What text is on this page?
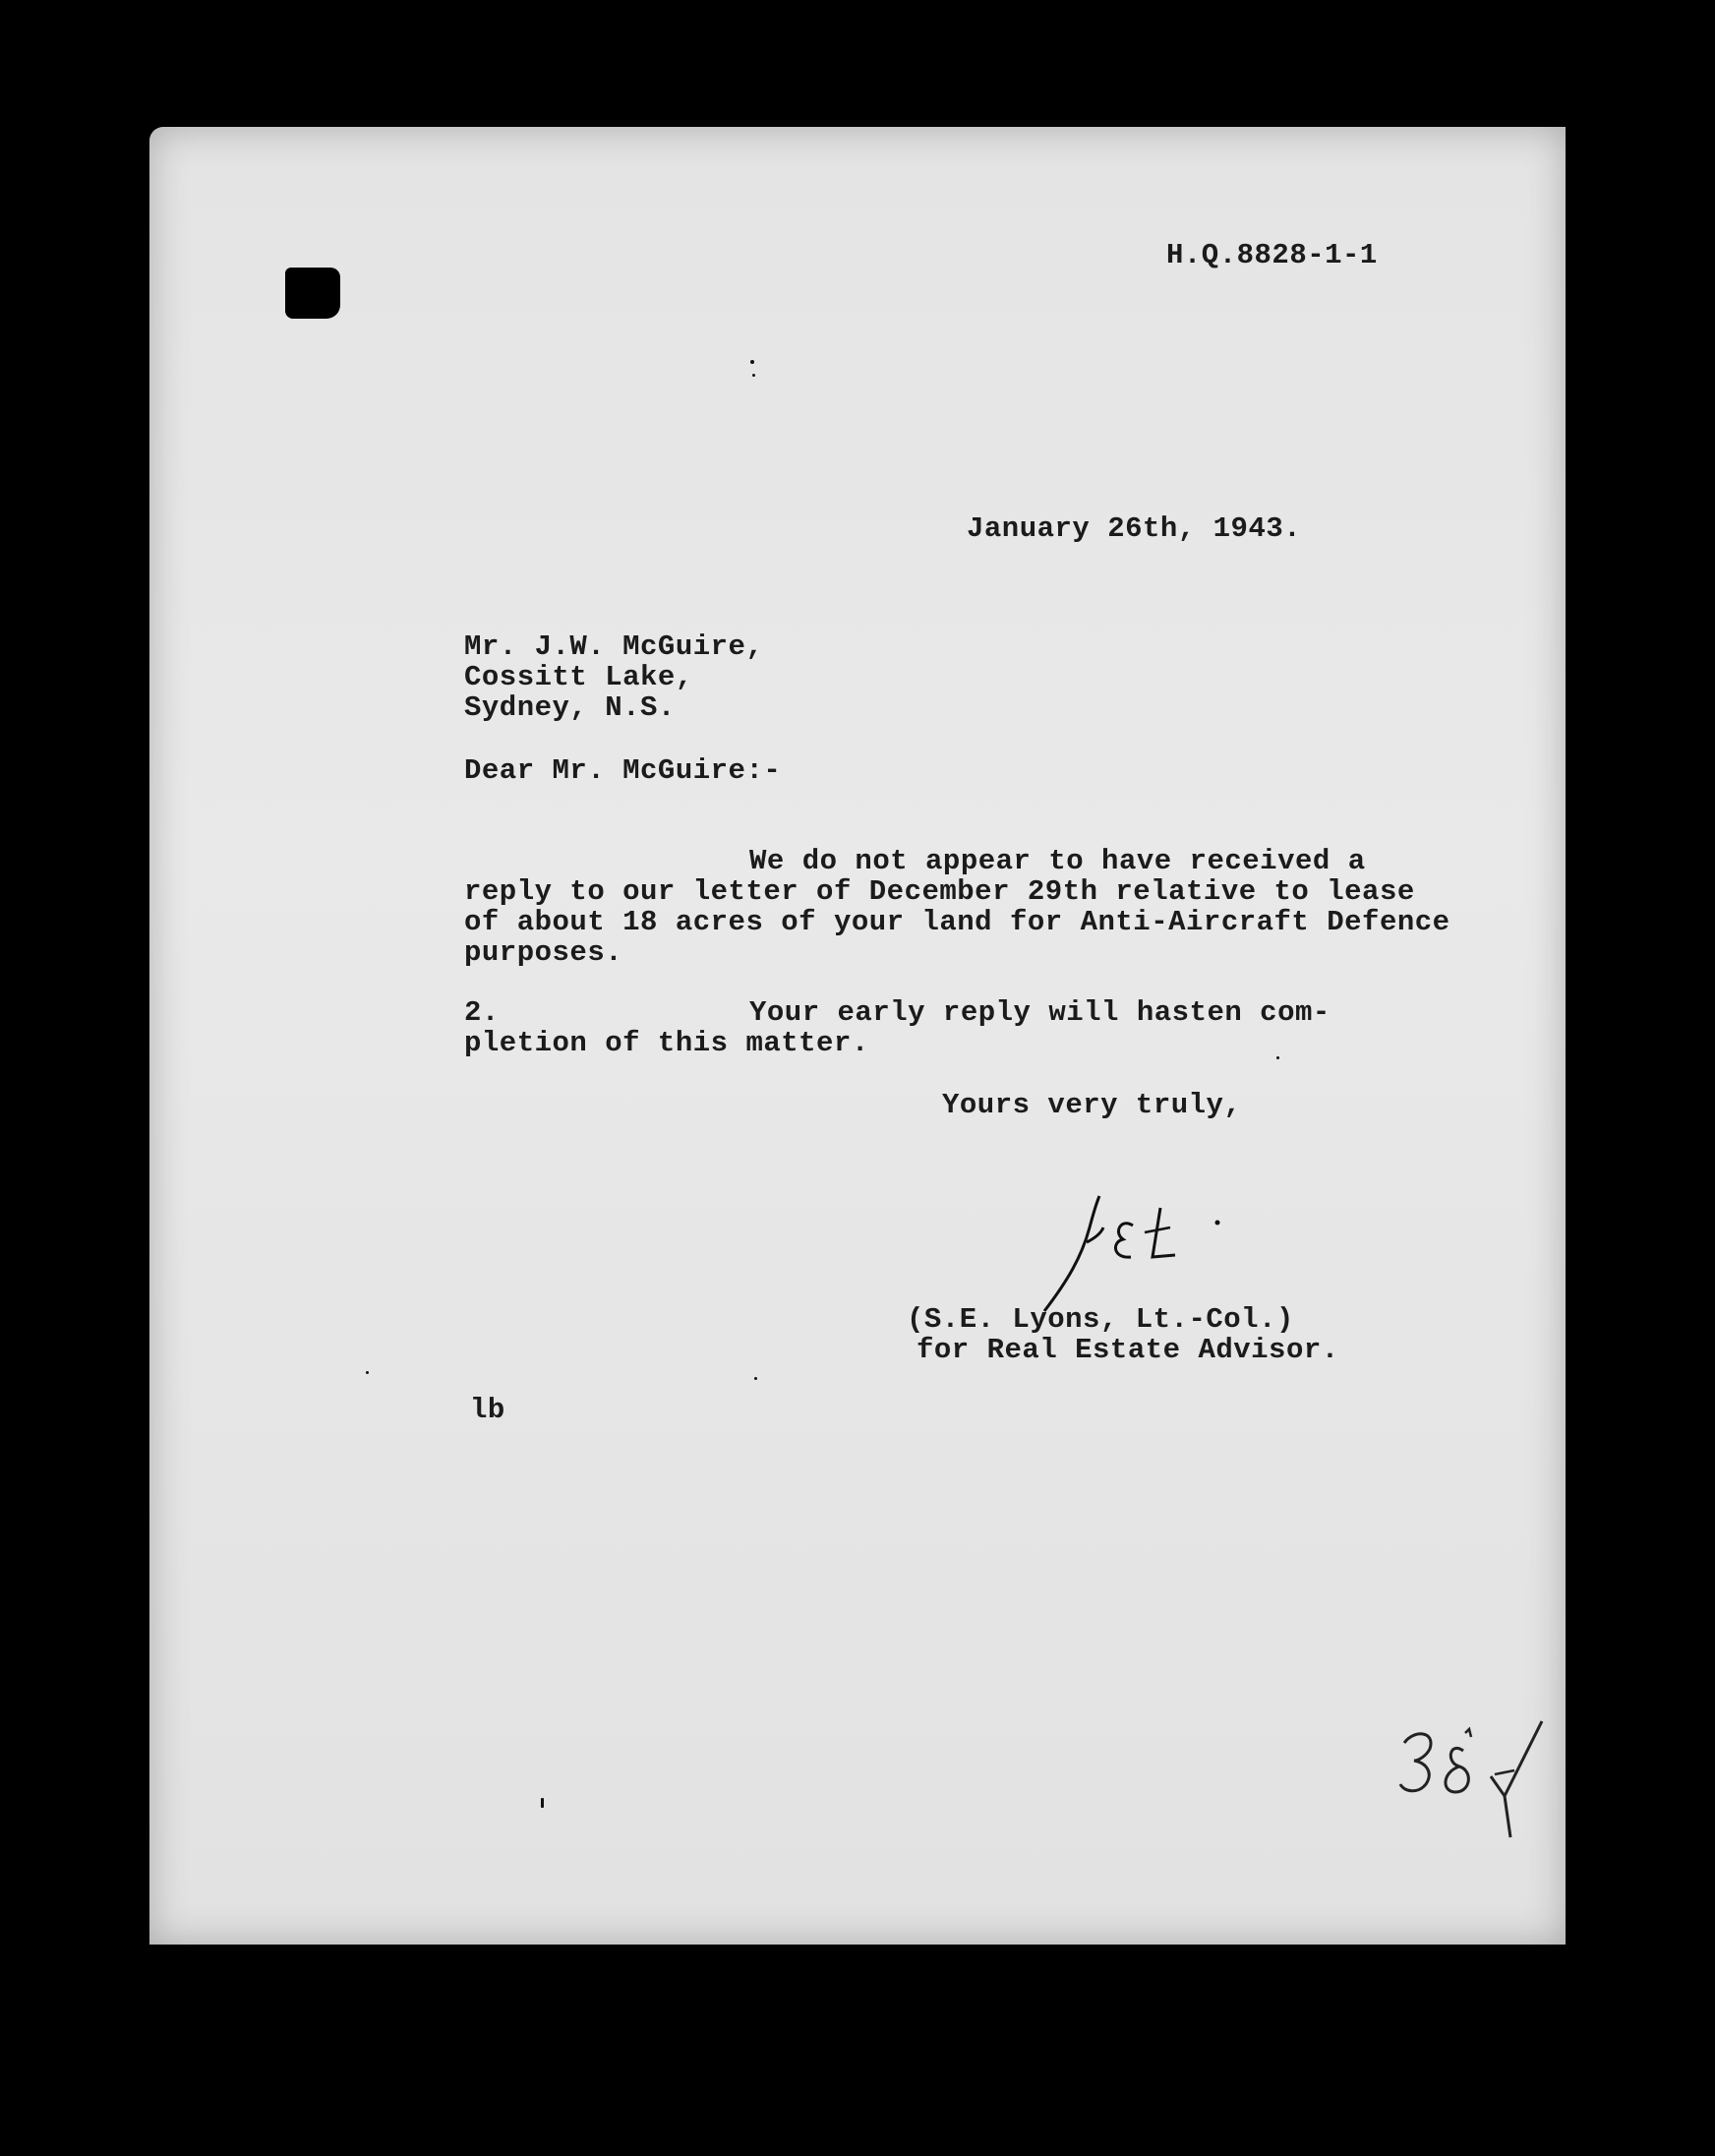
H.Q.8828-1-1
January 26th, 1943.
Mr. J.W. McGuire,
Cossitt Lake,
Sydney, N.S.
Dear Mr. McGuire:-
We do not appear to have received a
reply to our letter of December 29th relative to lease
of about 18 acres of your land for Anti-Aircraft Defence
purposes.
2.	Your early reply will hasten com-
pletion of this matter.
Yours very truly,
(S.E. Lyons, Lt.-Col.)
for Real Estate Advisor.
lb
